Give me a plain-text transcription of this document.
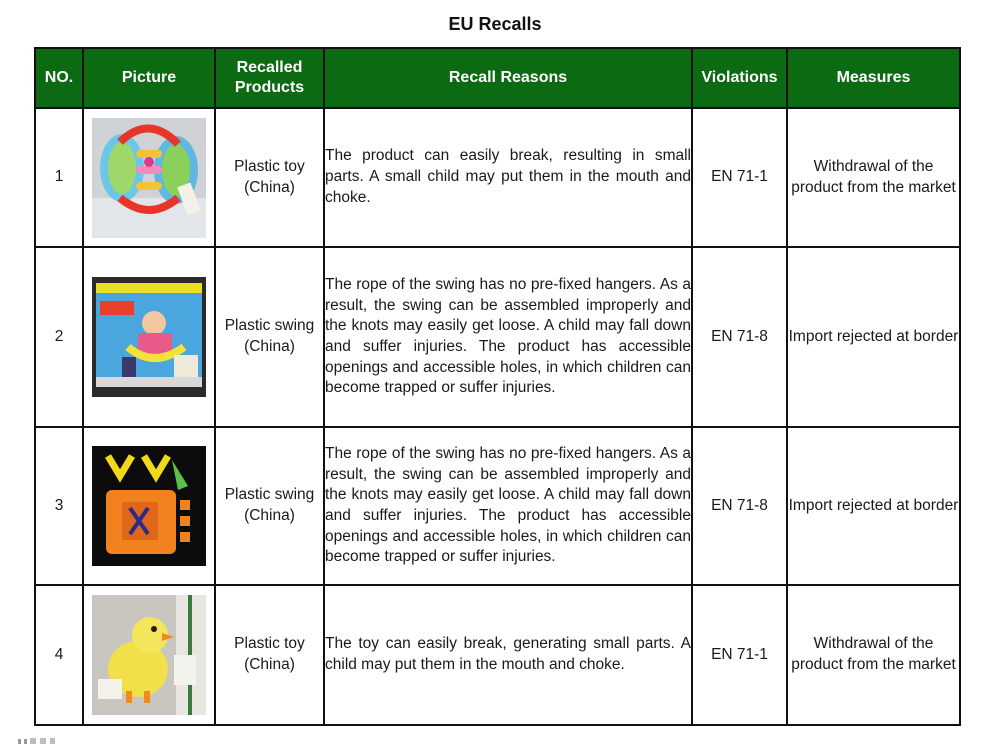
EU Recalls
NO.	Picture	Recalled Products	Recall Reasons	Violations	Measures
1		Plastic toy (China)	The product can easily break, resulting in small parts. A small child may put them in the mouth and choke.	EN 71-1	Withdrawal of the product from the market
2		Plastic swing (China)	The rope of the swing has no pre-fixed hangers. As a result, the swing can be assembled improperly and the knots may easily get loose. A child may fall down and suffer injuries. The product has accessible openings and accessible holes, in which children can become trapped or suffer injuries.	EN 71-8	Import rejected at border
3		Plastic swing (China)	The rope of the swing has no pre-fixed hangers. As a result, the swing can be assembled improperly and the knots may easily get loose. A child may fall down and suffer injuries. The product has accessible openings and accessible holes, in which children can become trapped or suffer injuries.	EN 71-8	Import rejected at border
4		Plastic toy (China)	The toy can easily break, generating small parts. A child may put them in the mouth and choke.	EN 71-1	Withdrawal of the product from the market
